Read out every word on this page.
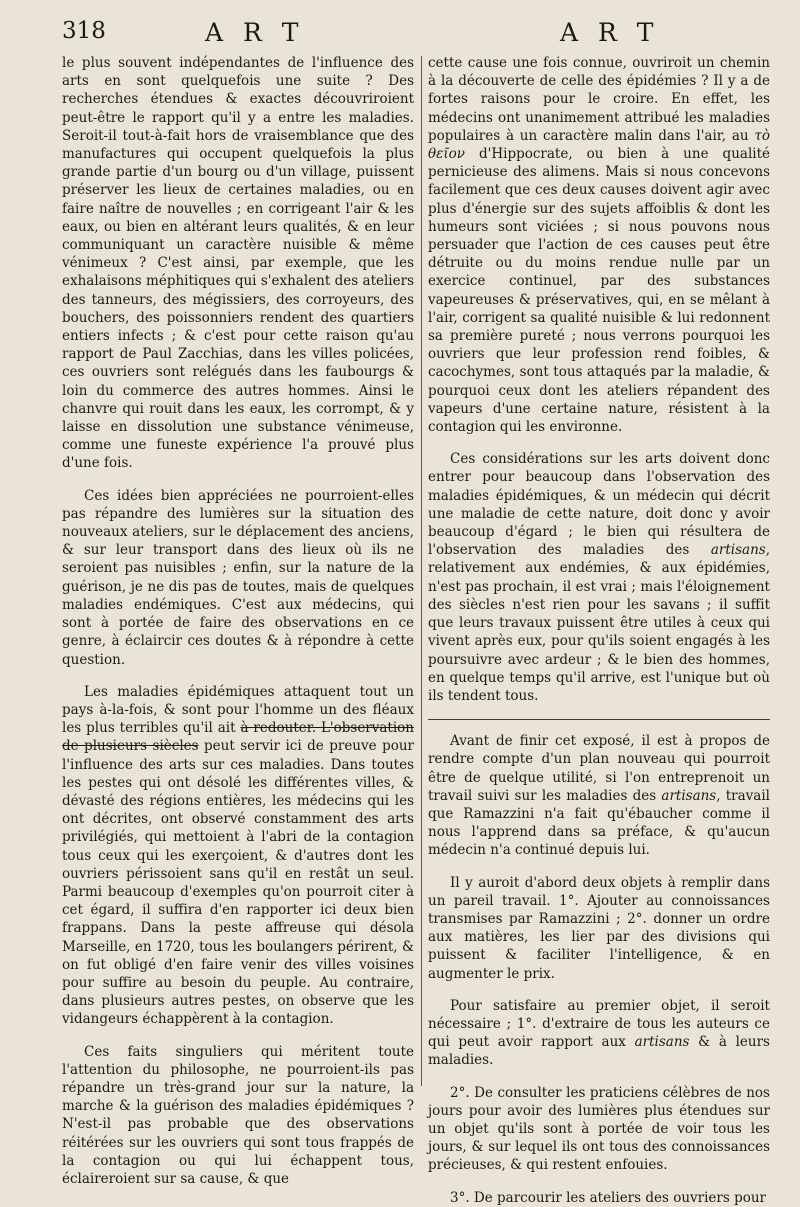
318	A R T	A R T

le plus souvent indépendantes de l'influence des arts en sont quelquefois une suite ? Des recherches étendues & exactes découvriroient peut-être le rapport qu'il y a entre les maladies. Seroit-il tout-à-fait hors de vraisemblance que des manufactures qui occupent quelquefois la plus grande partie d'un bourg ou d'un village, puissent préserver les lieux de certaines maladies, ou en faire naître de nouvelles ; en corrigeant l'air & les eaux, ou bien en altérant leurs qualités, & en leur communiquant un caractère nuisible & même vénimeux ? C'est ainsi, par exemple, que les exhalaisons méphitiques qui s'exhalent des ateliers des tanneurs, des mégissiers, des corroyeurs, des bouchers, des poissonniers rendent des quartiers entiers infects ; & c'est pour cette raison qu'au rapport de Paul Zacchias, dans les villes policées, ces ouvriers sont relégués dans les faubourgs & loin du commerce des autres hommes. Ainsi le chanvre qui rouit dans les eaux, les corrompt, & y laisse en dissolution une substance vénimeuse, comme une funeste expérience l'a prouvé plus d'une fois.

Ces idées bien appréciées ne pourroient-elles pas répandre des lumières sur la situation des nouveaux ateliers, sur le déplacement des anciens, & sur leur transport dans des lieux où ils ne seroient pas nuisibles ; enfin, sur la nature de la guérison, je ne dis pas de toutes, mais de quelques maladies endémiques. C'est aux médecins, qui sont à portée de faire des observations en ce genre, à éclaircir ces doutes & à répondre à cette question.

Les maladies épidémiques attaquent tout un pays à-la-fois, & sont pour l'homme un des fléaux les plus terribles qu'il ait à redouter. L'observation de plusieurs siècles peut servir ici de preuve pour l'influence des arts sur ces maladies. Dans toutes les pestes qui ont désolé les différentes villes, & dévasté des régions entières, les médecins qui les ont décrites, ont observé constamment des arts privilégiés, qui mettoient à l'abri de la contagion tous ceux qui les exerçoient, & d'autres dont les ouvriers périssoient sans qu'il en restât un seul. Parmi beaucoup d'exemples qu'on pourroit citer à cet égard, il suffira d'en rapporter ici deux bien frappans. Dans la peste affreuse qui désola Marseille, en 1720, tous les boulangers périrent, & on fut obligé d'en faire venir des villes voisines pour suffire au besoin du peuple. Au contraire, dans plusieurs autres pestes, on observe que les vidangeurs échappèrent à la contagion.

Ces faits singuliers qui méritent toute l'attention du philosophe, ne pourroient-ils pas répandre un très-grand jour sur la nature, la marche & la guérison des maladies épidémiques ? N'est-il pas probable que des observations réitérées sur les ouvriers qui sont tous frappés de la contagion ou qui lui échappent tous, éclaireroient sur sa cause, & que

cette cause une fois connue, ouvriroit un chemin à la découverte de celle des épidémies ? Il y a de fortes raisons pour le croire. En effet, les médecins ont unanimement attribué les maladies populaires à un caractère malin dans l'air, au τὸ θεῖον d'Hippocrate, ou bien à une qualité pernicieuse des alimens. Mais si nous concevons facilement que ces deux causes doivent agir avec plus d'énergie sur des sujets affoiblis & dont les humeurs sont viciées ; si nous pouvons nous persuader que l'action de ces causes peut être détruite ou du moins rendue nulle par un exercice continuel, par des substances vapeureuses & préservatives, qui, en se mêlant à l'air, corrigent sa qualité nuisible & lui redonnent sa première pureté ; nous verrons pourquoi les ouvriers que leur profession rend foibles, & cacochymes, sont tous attaqués par la maladie, & pourquoi ceux dont les ateliers répandent des vapeurs d'une certaine nature, résistent à la contagion qui les environne.

Ces considérations sur les arts doivent donc entrer pour beaucoup dans l'observation des maladies épidémiques, & un médecin qui décrit une maladie de cette nature, doit donc y avoir beaucoup d'égard ; le bien qui résultera de l'observation des maladies des artisans, relativement aux endémies, & aux épidémies, n'est pas prochain, il est vrai ; mais l'éloignement des siècles n'est rien pour les savans ; il suffit que leurs travaux puissent être utiles à ceux qui vivent après eux, pour qu'ils soient engagés à les poursuivre avec ardeur ; & le bien des hommes, en quelque temps qu'il arrive, est l'unique but où ils tendent tous.

Avant de finir cet exposé, il est à propos de rendre compte d'un plan nouveau qui pourroit être de quelque utilité, si l'on entreprenoit un travail suivi sur les maladies des artisans, travail que Ramazzini n'a fait qu'ébaucher comme il nous l'apprend dans sa préface, & qu'aucun médecin n'a continué depuis lui.

Il y auroit d'abord deux objets à remplir dans un pareil travail. 1°. Ajouter au connoissances transmises par Ramazzini ; 2°. donner un ordre aux matières, les lier par des divisions qui puissent & faciliter l'intelligence, & en augmenter le prix.

Pour satisfaire au premier objet, il seroit nécessaire ; 1°. d'extraire de tous les auteurs ce qui peut avoir rapport aux artisans & à leurs maladies.

2°. De consulter les praticiens célèbres de nos jours pour avoir des lumières plus étendues sur un objet qu'ils sont à portée de voir tous les jours, & sur lequel ils ont tous des connoissances précieuses, & qui restent enfouies.

3°. De parcourir les ateliers des ouvriers pour
